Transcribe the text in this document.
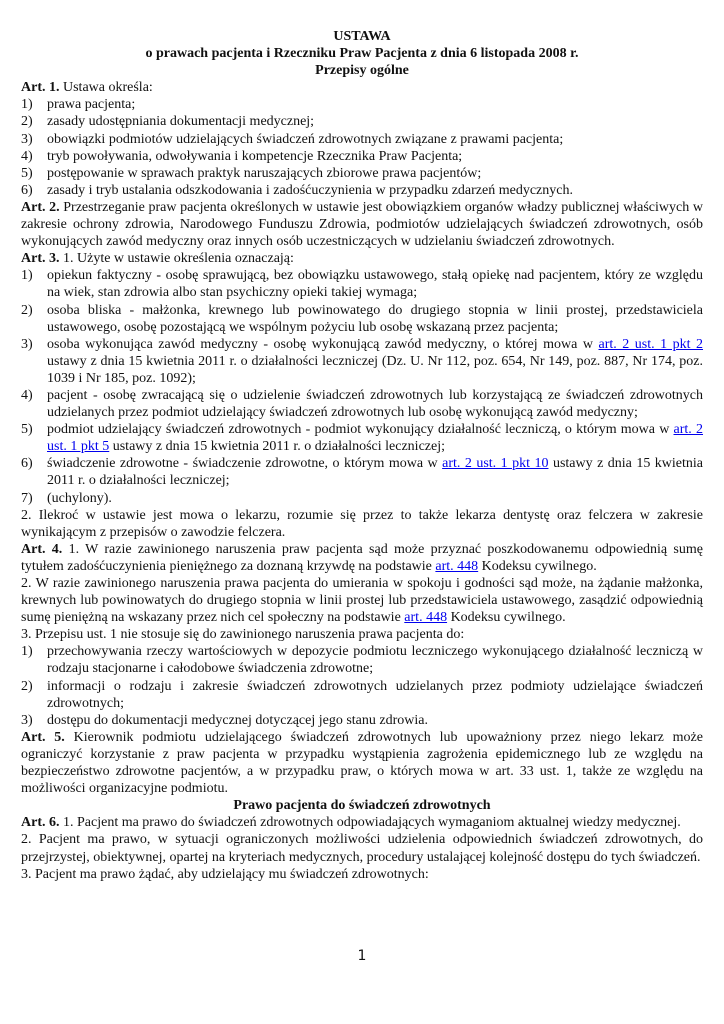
USTAWA
o prawach pacjenta i Rzeczniku Praw Pacjenta z dnia 6 listopada 2008 r.
Przepisy ogólne

Art. 1. Ustawa określa:

1)	prawa pacjenta;
2)	zasady udostępniania dokumentacji medycznej;
3)	obowiązki podmiotów udzielających świadczeń zdrowotnych związane z prawami pacjenta;
4)	tryb powoływania, odwoływania i kompetencje Rzecznika Praw Pacjenta;
5)	postępowanie w sprawach praktyk naruszających zbiorowe prawa pacjentów;
6)	zasady i tryb ustalania odszkodowania i zadośćuczynienia w przypadku zdarzeń medycznych.

Art. 2. Przestrzeganie praw pacjenta określonych w ustawie jest obowiązkiem organów władzy publicznej właściwych w zakresie ochrony zdrowia, Narodowego Funduszu Zdrowia, podmiotów udzielających świadczeń zdrowotnych, osób wykonujących zawód medyczny oraz innych osób uczestniczących w udzielaniu świadczeń zdrowotnych.

Art. 3. 1. Użyte w ustawie określenia oznaczają:

1)	opiekun faktyczny - osobę sprawującą, bez obowiązku ustawowego, stałą opiekę nad pacjentem, który ze względu na wiek, stan zdrowia albo stan psychiczny opieki takiej wymaga;
2)	osoba bliska - małżonka, krewnego lub powinowatego do drugiego stopnia w linii prostej, przedstawiciela ustawowego, osobę pozostającą we wspólnym pożyciu lub osobę wskazaną przez pacjenta;
3)	osoba wykonująca zawód medyczny - osobę wykonującą zawód medyczny, o której mowa w art. 2 ust. 1 pkt 2 ustawy z dnia 15 kwietnia 2011 r. o działalności leczniczej (Dz. U. Nr 112, poz. 654, Nr 149, poz. 887, Nr 174, poz. 1039 i Nr 185, poz. 1092);
4)	pacjent - osobę zwracającą się o udzielenie świadczeń zdrowotnych lub korzystającą ze świadczeń zdrowotnych udzielanych przez podmiot udzielający świadczeń zdrowotnych lub osobę wykonującą zawód medyczny;
5)	podmiot udzielający świadczeń zdrowotnych - podmiot wykonujący działalność leczniczą, o którym mowa w art. 2 ust. 1 pkt 5 ustawy z dnia 15 kwietnia 2011 r. o działalności leczniczej;
6)	świadczenie zdrowotne - świadczenie zdrowotne, o którym mowa w art. 2 ust. 1 pkt 10 ustawy z dnia 15 kwietnia 2011 r. o działalności leczniczej;
7)	(uchylony).

2. Ilekroć w ustawie jest mowa o lekarzu, rozumie się przez to także lekarza dentystę oraz felczera w zakresie wynikającym z przepisów o zawodzie felczera.

Art. 4. 1. W razie zawinionego naruszenia praw pacjenta sąd może przyznać poszkodowanemu odpowiednią sumę tytułem zadośćuczynienia pieniężnego za doznaną krzywdę na podstawie art. 448 Kodeksu cywilnego.

2. W razie zawinionego naruszenia prawa pacjenta do umierania w spokoju i godności sąd może, na żądanie małżonka, krewnych lub powinowatych do drugiego stopnia w linii prostej lub przedstawiciela ustawowego, zasądzić odpowiednią sumę pieniężną na wskazany przez nich cel społeczny na podstawie art. 448 Kodeksu cywilnego.

3. Przepisu ust. 1 nie stosuje się do zawinionego naruszenia prawa pacjenta do:

1)	przechowywania rzeczy wartościowych w depozycie podmiotu leczniczego wykonującego działalność leczniczą w rodzaju stacjonarne i całodobowe świadczenia zdrowotne;
2)	informacji o rodzaju i zakresie świadczeń zdrowotnych udzielanych przez podmioty udzielające świadczeń zdrowotnych;
3)	dostępu do dokumentacji medycznej dotyczącej jego stanu zdrowia.

Art. 5. Kierownik podmiotu udzielającego świadczeń zdrowotnych lub upoważniony przez niego lekarz może ograniczyć korzystanie z praw pacjenta w przypadku wystąpienia zagrożenia epidemicznego lub ze względu na bezpieczeństwo zdrowotne pacjentów, a w przypadku praw, o których mowa w art. 33 ust. 1, także ze względu na możliwości organizacyjne podmiotu.

Prawo pacjenta do świadczeń zdrowotnych

Art. 6. 1. Pacjent ma prawo do świadczeń zdrowotnych odpowiadających wymaganiom aktualnej wiedzy medycznej.

2. Pacjent ma prawo, w sytuacji ograniczonych możliwości udzielenia odpowiednich świadczeń zdrowotnych, do przejrzystej, obiektywnej, opartej na kryteriach medycznych, procedury ustalającej kolejność dostępu do tych świadczeń.

3. Pacjent ma prawo żądać, aby udzielający mu świadczeń zdrowotnych:

1
